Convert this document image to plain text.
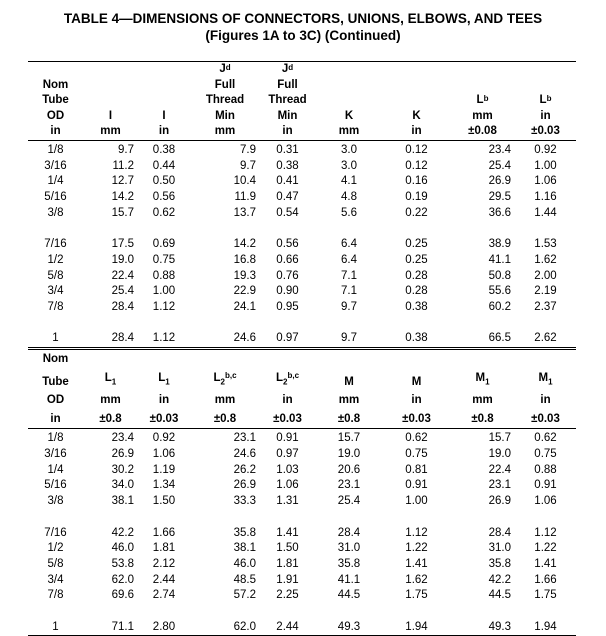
TABLE 4—DIMENSIONS OF CONNECTORS, UNIONS, ELBOWS, AND TEES
(Figures 1A to 3C) (Continued)
			$J^d$	$J^d$				
Nom			Full	Full				
Tube			Thread	Thread			$L^b$	$L^b$
OD	I	I	Min	Min	K	K	mm	in
in	mm	in	mm	in	mm	in	±0.08	±0.03
1/8	9.7	0.38	7.9	0.31	3.0	0.12	23.4	0.92
3/16	11.2	0.44	9.7	0.38	3.0	0.12	25.4	1.00
1/4	12.7	0.50	10.4	0.41	4.1	0.16	26.9	1.06
5/16	14.2	0.56	11.9	0.47	4.8	0.19	29.5	1.16
3/8	15.7	0.62	13.7	0.54	5.6	0.22	36.6	1.44

7/16	17.5	0.69	14.2	0.56	6.4	0.25	38.9	1.53
1/2	19.0	0.75	16.8	0.66	6.4	0.25	41.1	1.62
5/8	22.4	0.88	19.3	0.76	7.1	0.28	50.8	2.00
3/4	25.4	1.00	22.9	0.90	7.1	0.28	55.6	2.19
7/8	28.4	1.12	24.1	0.95	9.7	0.38	60.2	2.37

1	28.4	1.12	24.6	0.97	9.7	0.38	66.5	2.62
Nom								
Tube	$L_1$	$L_1$	$L_2^{b,c}$	$L_2^{b,c}$	M	M	$M_1$	$M_1$
OD	mm	in	mm	in	mm	in	mm	in
in	±0.8	±0.03	±0.8	±0.03	±0.8	±0.03	±0.8	±0.03
1/8	23.4	0.92	23.1	0.91	15.7	0.62	15.7	0.62
3/16	26.9	1.06	24.6	0.97	19.0	0.75	19.0	0.75
1/4	30.2	1.19	26.2	1.03	20.6	0.81	22.4	0.88
5/16	34.0	1.34	26.9	1.06	23.1	0.91	23.1	0.91
3/8	38.1	1.50	33.3	1.31	25.4	1.00	26.9	1.06

7/16	42.2	1.66	35.8	1.41	28.4	1.12	28.4	1.12
1/2	46.0	1.81	38.1	1.50	31.0	1.22	31.0	1.22
5/8	53.8	2.12	46.0	1.81	35.8	1.41	35.8	1.41
3/4	62.0	2.44	48.5	1.91	41.1	1.62	42.2	1.66
7/8	69.6	2.74	57.2	2.25	44.5	1.75	44.5	1.75

1	71.1	2.80	62.0	2.44	49.3	1.94	49.3	1.94
